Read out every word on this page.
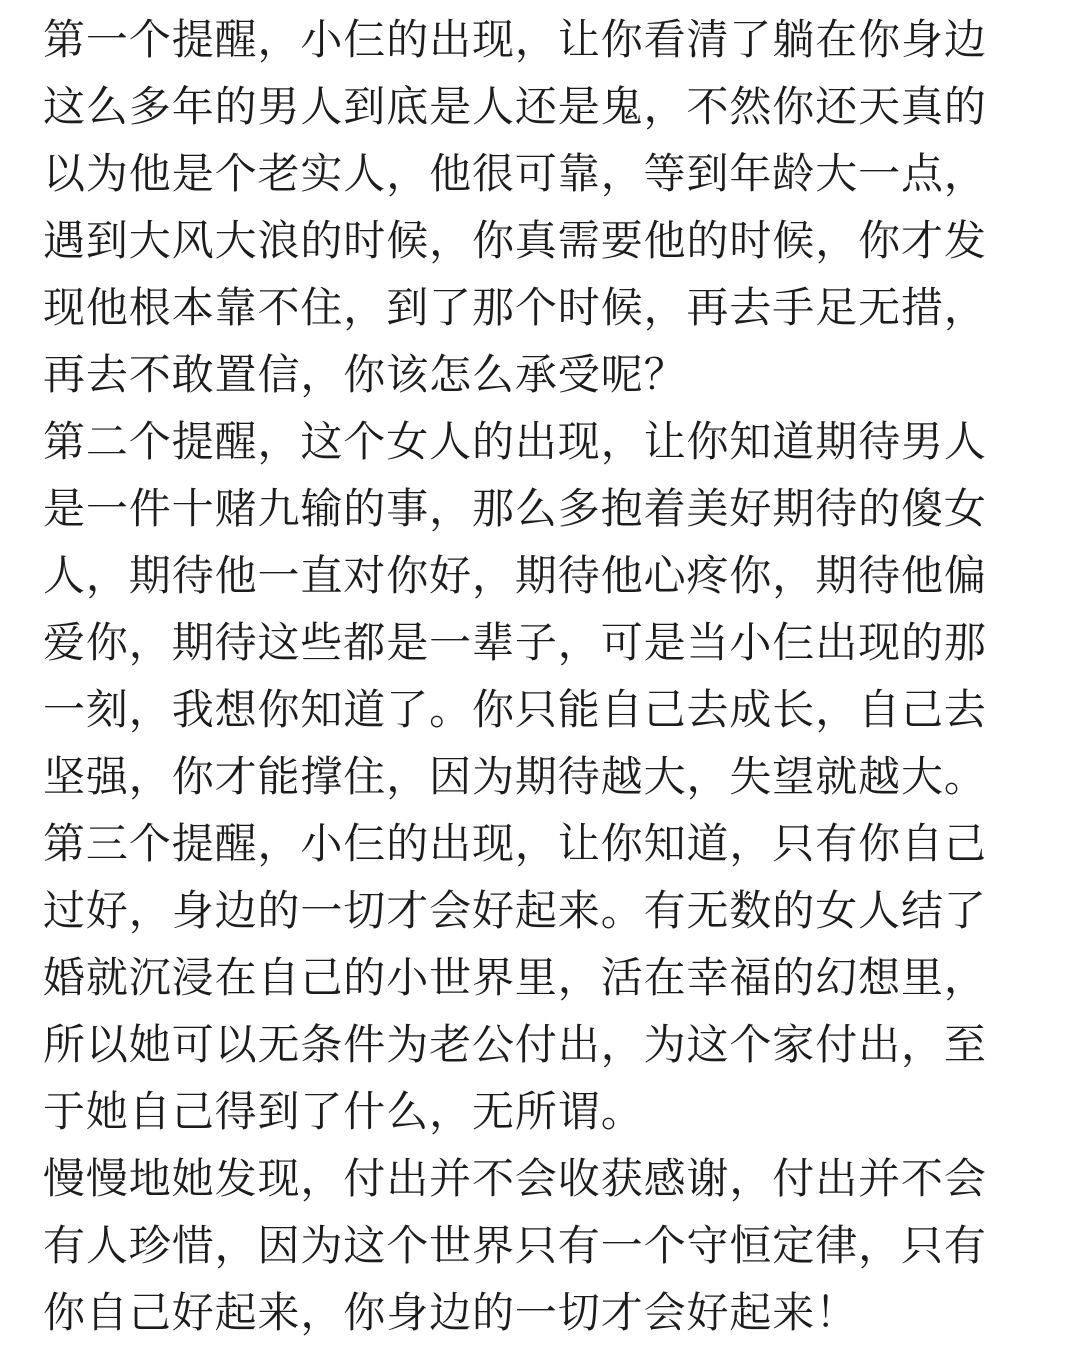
第一个提醒，小仨的出现，让你看清了躺在你身边
这么多年的男人到底是人还是鬼，不然你还天真的
以为他是个老实人，他很可靠，等到年龄大一点，
遇到大风大浪的时候，你真需要他的时候，你才发
现他根本靠不住，到了那个时候，再去手足无措，
再去不敢置信，你该怎么承受呢？
第二个提醒，这个女人的出现，让你知道期待男人
是一件十赌九输的事，那么多抱着美好期待的傻女
人，期待他一直对你好，期待他心疼你，期待他偏
爱你，期待这些都是一辈子，可是当小仨出现的那
一刻，我想你知道了。你只能自己去成长，自己去
坚强，你才能撑住，因为期待越大，失望就越大。
第三个提醒，小仨的出现，让你知道，只有你自己
过好，身边的一切才会好起来。有无数的女人结了
婚就沉浸在自己的小世界里，活在幸福的幻想里，
所以她可以无条件为老公付出，为这个家付出，至
于她自己得到了什么，无所谓。
慢慢地她发现，付出并不会收获感谢，付出并不会
有人珍惜，因为这个世界只有一个守恒定律，只有
你自己好起来，你身边的一切才会好起来！
